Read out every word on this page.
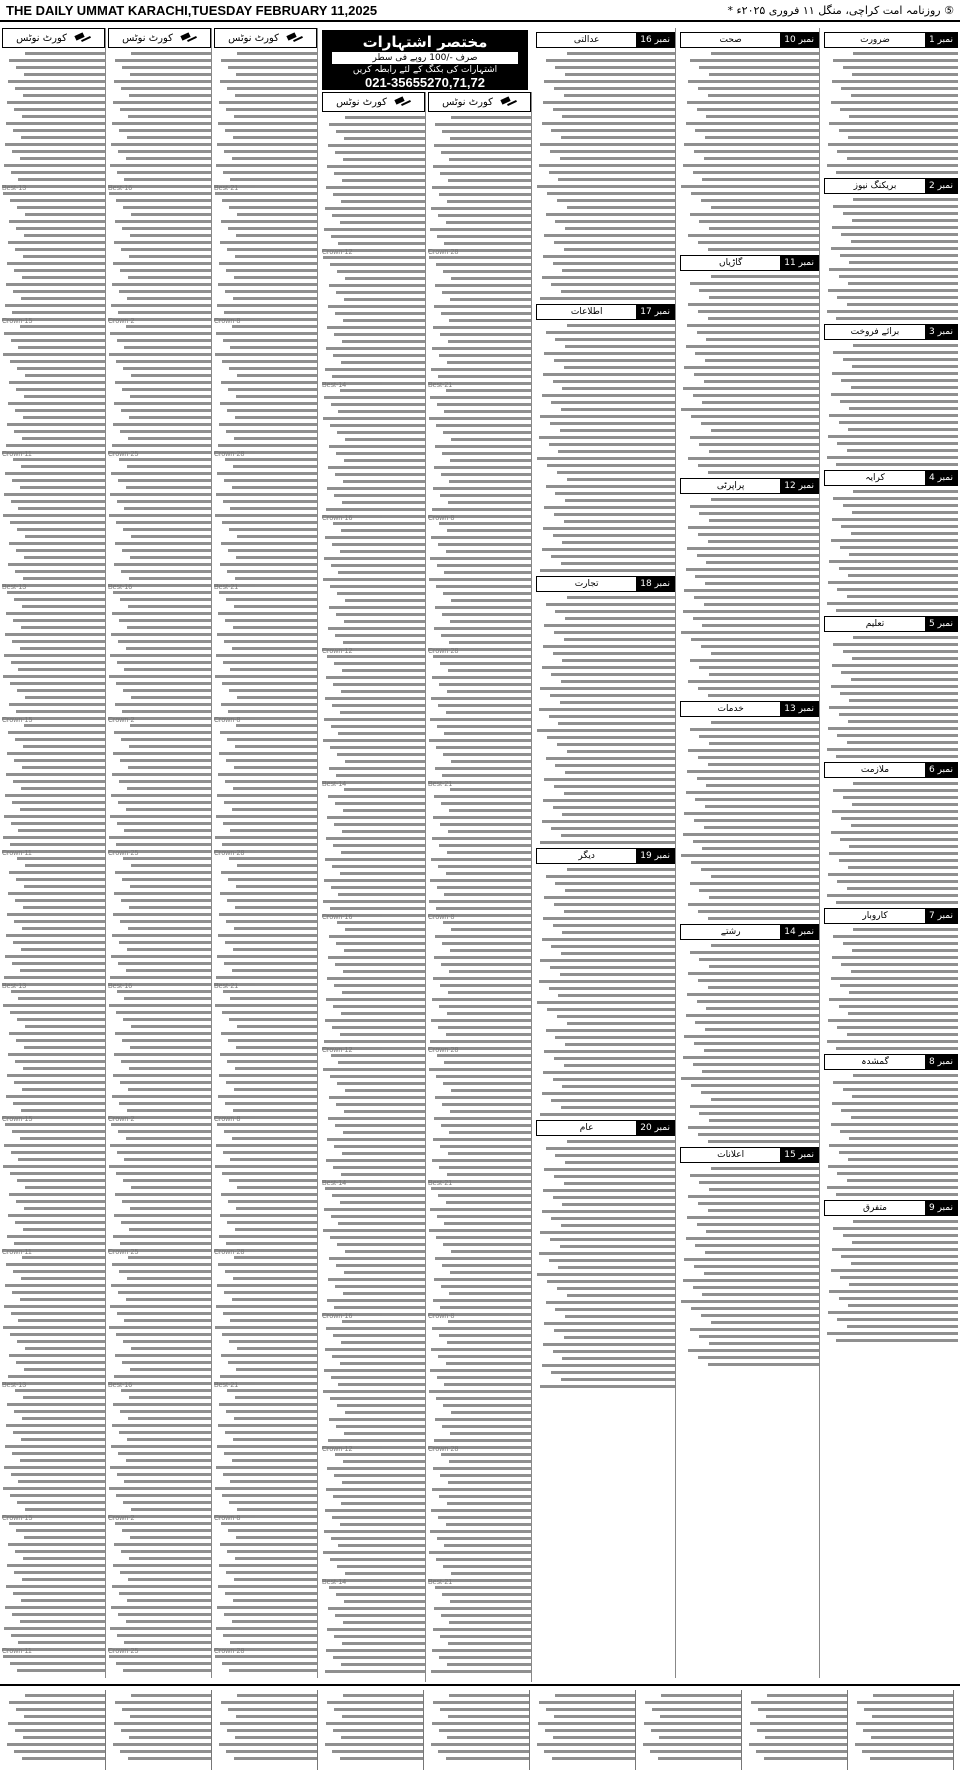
THE DAILY UMMAT KARACHI,TUESDAY FEBRUARY 11,2025	⑤ روزنامہ امت کراچی، منگل ۱۱ فروری ۲۰۲۵ء *
کورٹ نوٹس
Best-13
Crown-15
Crown-11
Best-13
Crown-15
Crown-11
Best-13
Crown-15
Crown-11
Best-13
Crown-15
Crown-11
کورٹ نوٹس
Best-16
Crown-2
Crown-25
Best-16
Crown-2
Crown-25
Best-16
Crown-2
Crown-25
Best-16
Crown-2
Crown-25
کورٹ نوٹس
Best-21
Crown-8
Crown-28
Best-21
Crown-8
Crown-28
Best-21
Crown-8
Crown-28
Best-21
Crown-8
Crown-28
مختصر اشتہارات
صرف -/100 روپے فی سطر
اشتہارات کی بکنگ کے لئے رابطہ کریں
021-35655270,71,72
کورٹ نوٹس
Crown-12
Best-14
Crown-16
Crown-12
Best-14
Crown-16
Crown-12
Best-14
Crown-16
Crown-12
Best-14
کورٹ نوٹس
Crown-28
Best-21
Crown-8
Crown-28
Best-21
Crown-8
Crown-28
Best-21
Crown-8
Crown-28
Best-21
نمبر 16
عدالتی
نمبر 17
اطلاعات
نمبر 18
تجارت
نمبر 19
دیگر
نمبر 20
عام
نمبر 10
صحت
نمبر 11
گاڑیاں
نمبر 12
پراپرٹی
نمبر 13
خدمات
نمبر 14
رشتے
نمبر 15
اعلانات
نمبر 1
ضرورت
نمبر 2
بریکنگ نیوز
نمبر 3
برائے فروخت
نمبر 4
کرایہ
نمبر 5
تعلیم
نمبر 6
ملازمت
نمبر 7
کاروبار
نمبر 8
گمشدہ
نمبر 9
متفرق
